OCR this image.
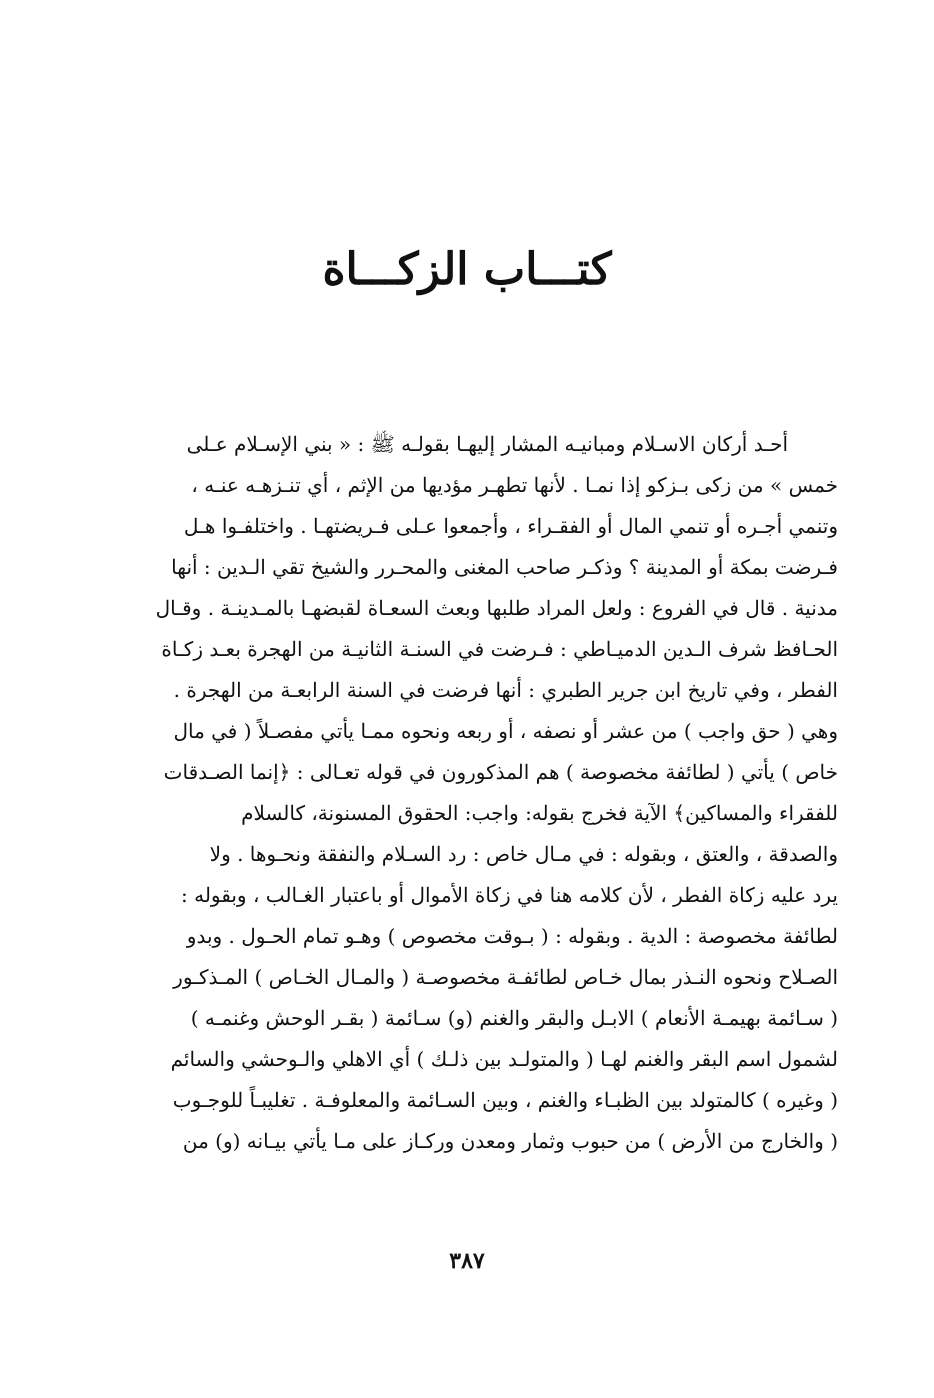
كتـــاب الزكـــاة
أحـد أركان الاسـلام ومبانيـه المشار إليهـا بقولـه ﷺ : « بني الإسـلام عـلى
خمس » من زكى بـزكو إذا نمـا . لأنها تطهـر مؤديها من الإثم ، أي تنـزهـه عنـه ،
وتنمي أجـره أو تنمي المال أو الفقـراء ، وأجمعوا عـلى فـريضتهـا . واختلفـوا هـل
فـرضت بمكة أو المدينة ؟ وذكـر صاحب المغنى والمحـرر والشيخ تقي الـدين : أنها
مدنية . قال في الفروع : ولعل المراد طلبها وبعث السعـاة لقبضهـا بالمـدينـة . وقـال
الحـافظ شرف الـدين الدميـاطي : فـرضت في السنـة الثانيـة من الهجرة بعـد زكـاة
الفطر ، وفي تاريخ ابن جرير الطبري : أنها فرضت في السنة الرابعـة من الهجرة .
وهي ( حق واجب ) من عشر أو نصفه ، أو ربعه ونحوه ممـا يأتي مفصـلاً ( في مال
خاص ) يأتي ( لطائفة مخصوصة ) هم المذكورون في قوله تعـالى : ﴿إنما الصـدقات
للفقراء والمساكين﴾ الآية فخرج بقوله: واجب: الحقوق المسنونة، كالسلام
والصدقة ، والعتق ، وبقوله : في مـال خاص : رد السـلام والنفقة ونحـوها . ولا
يرد عليه زكاة الفطر ، لأن كلامه هنا في زكاة الأموال أو باعتبار الغـالب ، وبقوله :
لطائفة مخصوصة : الدية . وبقوله : ( بـوقت مخصوص ) وهـو تمام الحـول . وبدو
الصـلاح ونحوه النـذر بمال خـاص لطائفـة مخصوصـة ( والمـال الخـاص ) المـذكـور
( سـائمة بهيمـة الأنعام ) الابـل والبقر والغنم (و) سـائمة ( بقـر الوحش وغنمـه )
لشمول اسم البقر والغنم لهـا ( والمتولـد بين ذلـك ) أي الاهلي والـوحشي والسائم
( وغيره ) كالمتولد بين الظبـاء والغنم ، وبين السـائمة والمعلوفـة . تغليبـاً للوجـوب
( والخارج من الأرض ) من حبوب وثمار ومعدن وركـاز على مـا يأتي بيـانه (و) من
٣٨٧
